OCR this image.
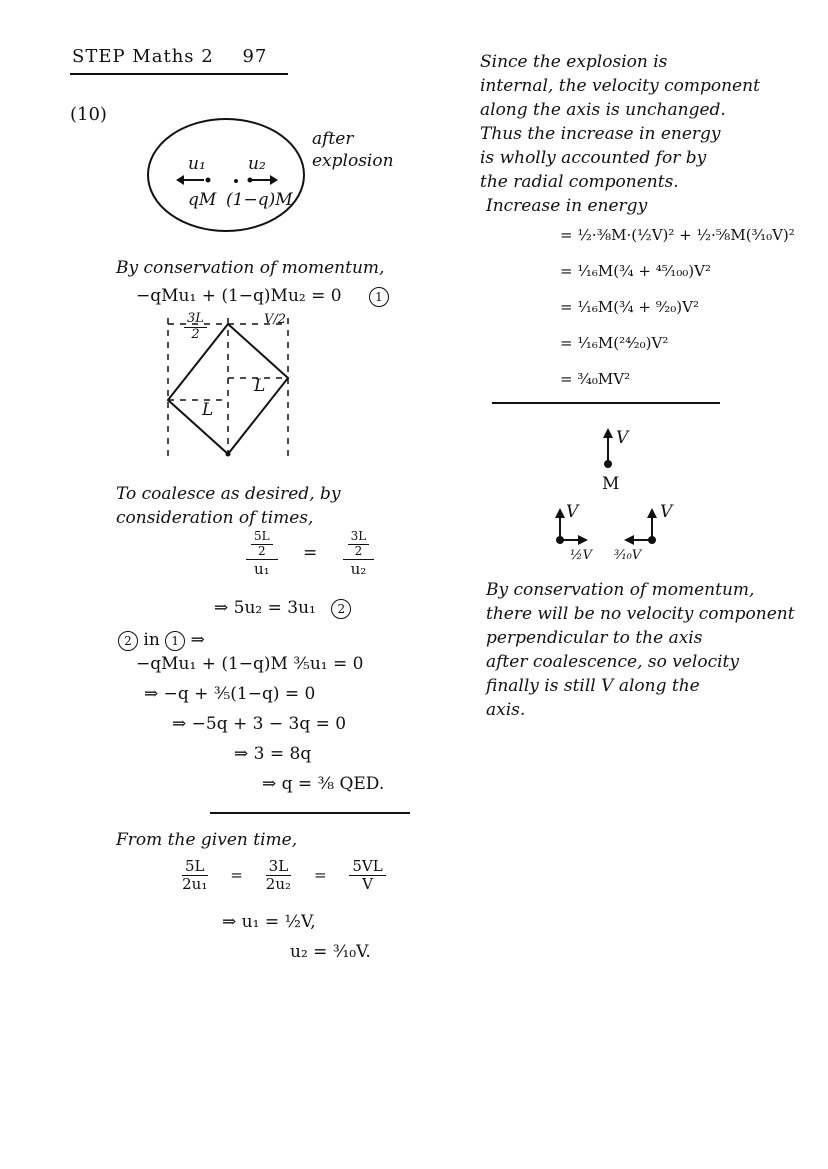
STEP Maths 2 97
(10)
u₁ u₂
qM (1−q)M
after explosion
By conservation of momentum,
−qMu₁ + (1−q)Mu₂ = 0	1
$\frac{3L}{2}$	V/2
L
L
To coalesce as desired, by
consideration of times,
$\frac{\frac{5L}{2}}{\text{u₁}} = \frac{\frac{3L}{2}}{\text{u₂}}$
⇒ 5u₂ = 3u₁ 2
2 in 1 ⇒
−qMu₁ + (1−q)M ³⁄₅u₁ = 0
⇒ −q + ³⁄₅(1−q) = 0
⇒ −5q + 3 − 3q = 0
⇒ 3 = 8q
⇒ q = ³⁄₈ QED.
From the given time,
$\frac{5L}{\text{2u₁}} = \frac{3L}{\text{2u₂}} = \frac{5VL}{V}$
⇒ u₁ = ½V,
u₂ = ³⁄₁₀V.
Since the explosion is
internal, the velocity component
along the axis is unchanged.
Thus the increase in energy
is wholly accounted for by
the radial components.
Increase in energy
= ½·⅜M·(½V)² + ½·⅝M(³⁄₁₀V)²
= ¹⁄₁₆M(¾ + ⁴⁵⁄₁₀₀)V²
= ¹⁄₁₆M(¾ + ⁹⁄₂₀)V²
= ¹⁄₁₆M(²⁴⁄₂₀)V²
= ³⁄₄₀MV²
V
M
V	V
½V ³⁄₁₀V
By conservation of momentum,
there will be no velocity component
perpendicular to the axis
after coalescence, so velocity
finally is still V along the
axis.
